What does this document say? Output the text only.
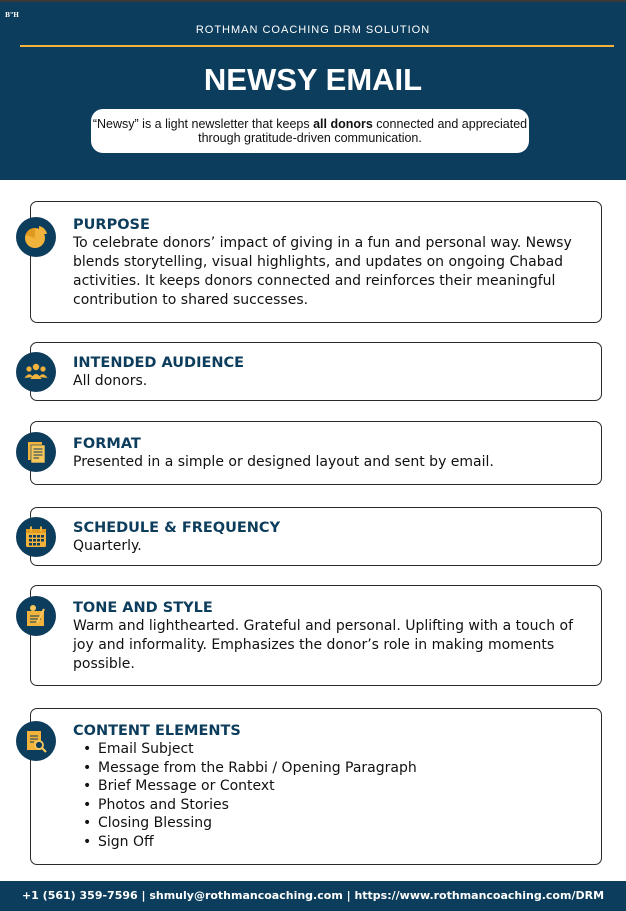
B"H
ROTHMAN COACHING DRM SOLUTION
NEWSY EMAIL
“Newsy” is a light newsletter that keeps all donors connected and appreciated through gratitude-driven communication.
PURPOSE
To celebrate donors’ impact of giving in a fun and personal way. Newsy blends storytelling, visual highlights, and updates on ongoing Chabad activities. It keeps donors connected and reinforces their meaningful contribution to shared successes.
INTENDED AUDIENCE
All donors.
FORMAT
Presented in a simple or designed layout and sent by email.
SCHEDULE & FREQUENCY
Quarterly.
TONE AND STYLE
Warm and lighthearted. Grateful and personal. Uplifting with a touch of joy and informality. Emphasizes the donor’s role in making moments possible.
CONTENT ELEMENTS
• Email Subject
• Message from the Rabbi / Opening Paragraph
• Brief Message or Context
• Photos and Stories
• Closing Blessing
• Sign Off
+1 (561) 359-7596 | shmuly@rothmancoaching.com | https://www.rothmancoaching.com/DRM
